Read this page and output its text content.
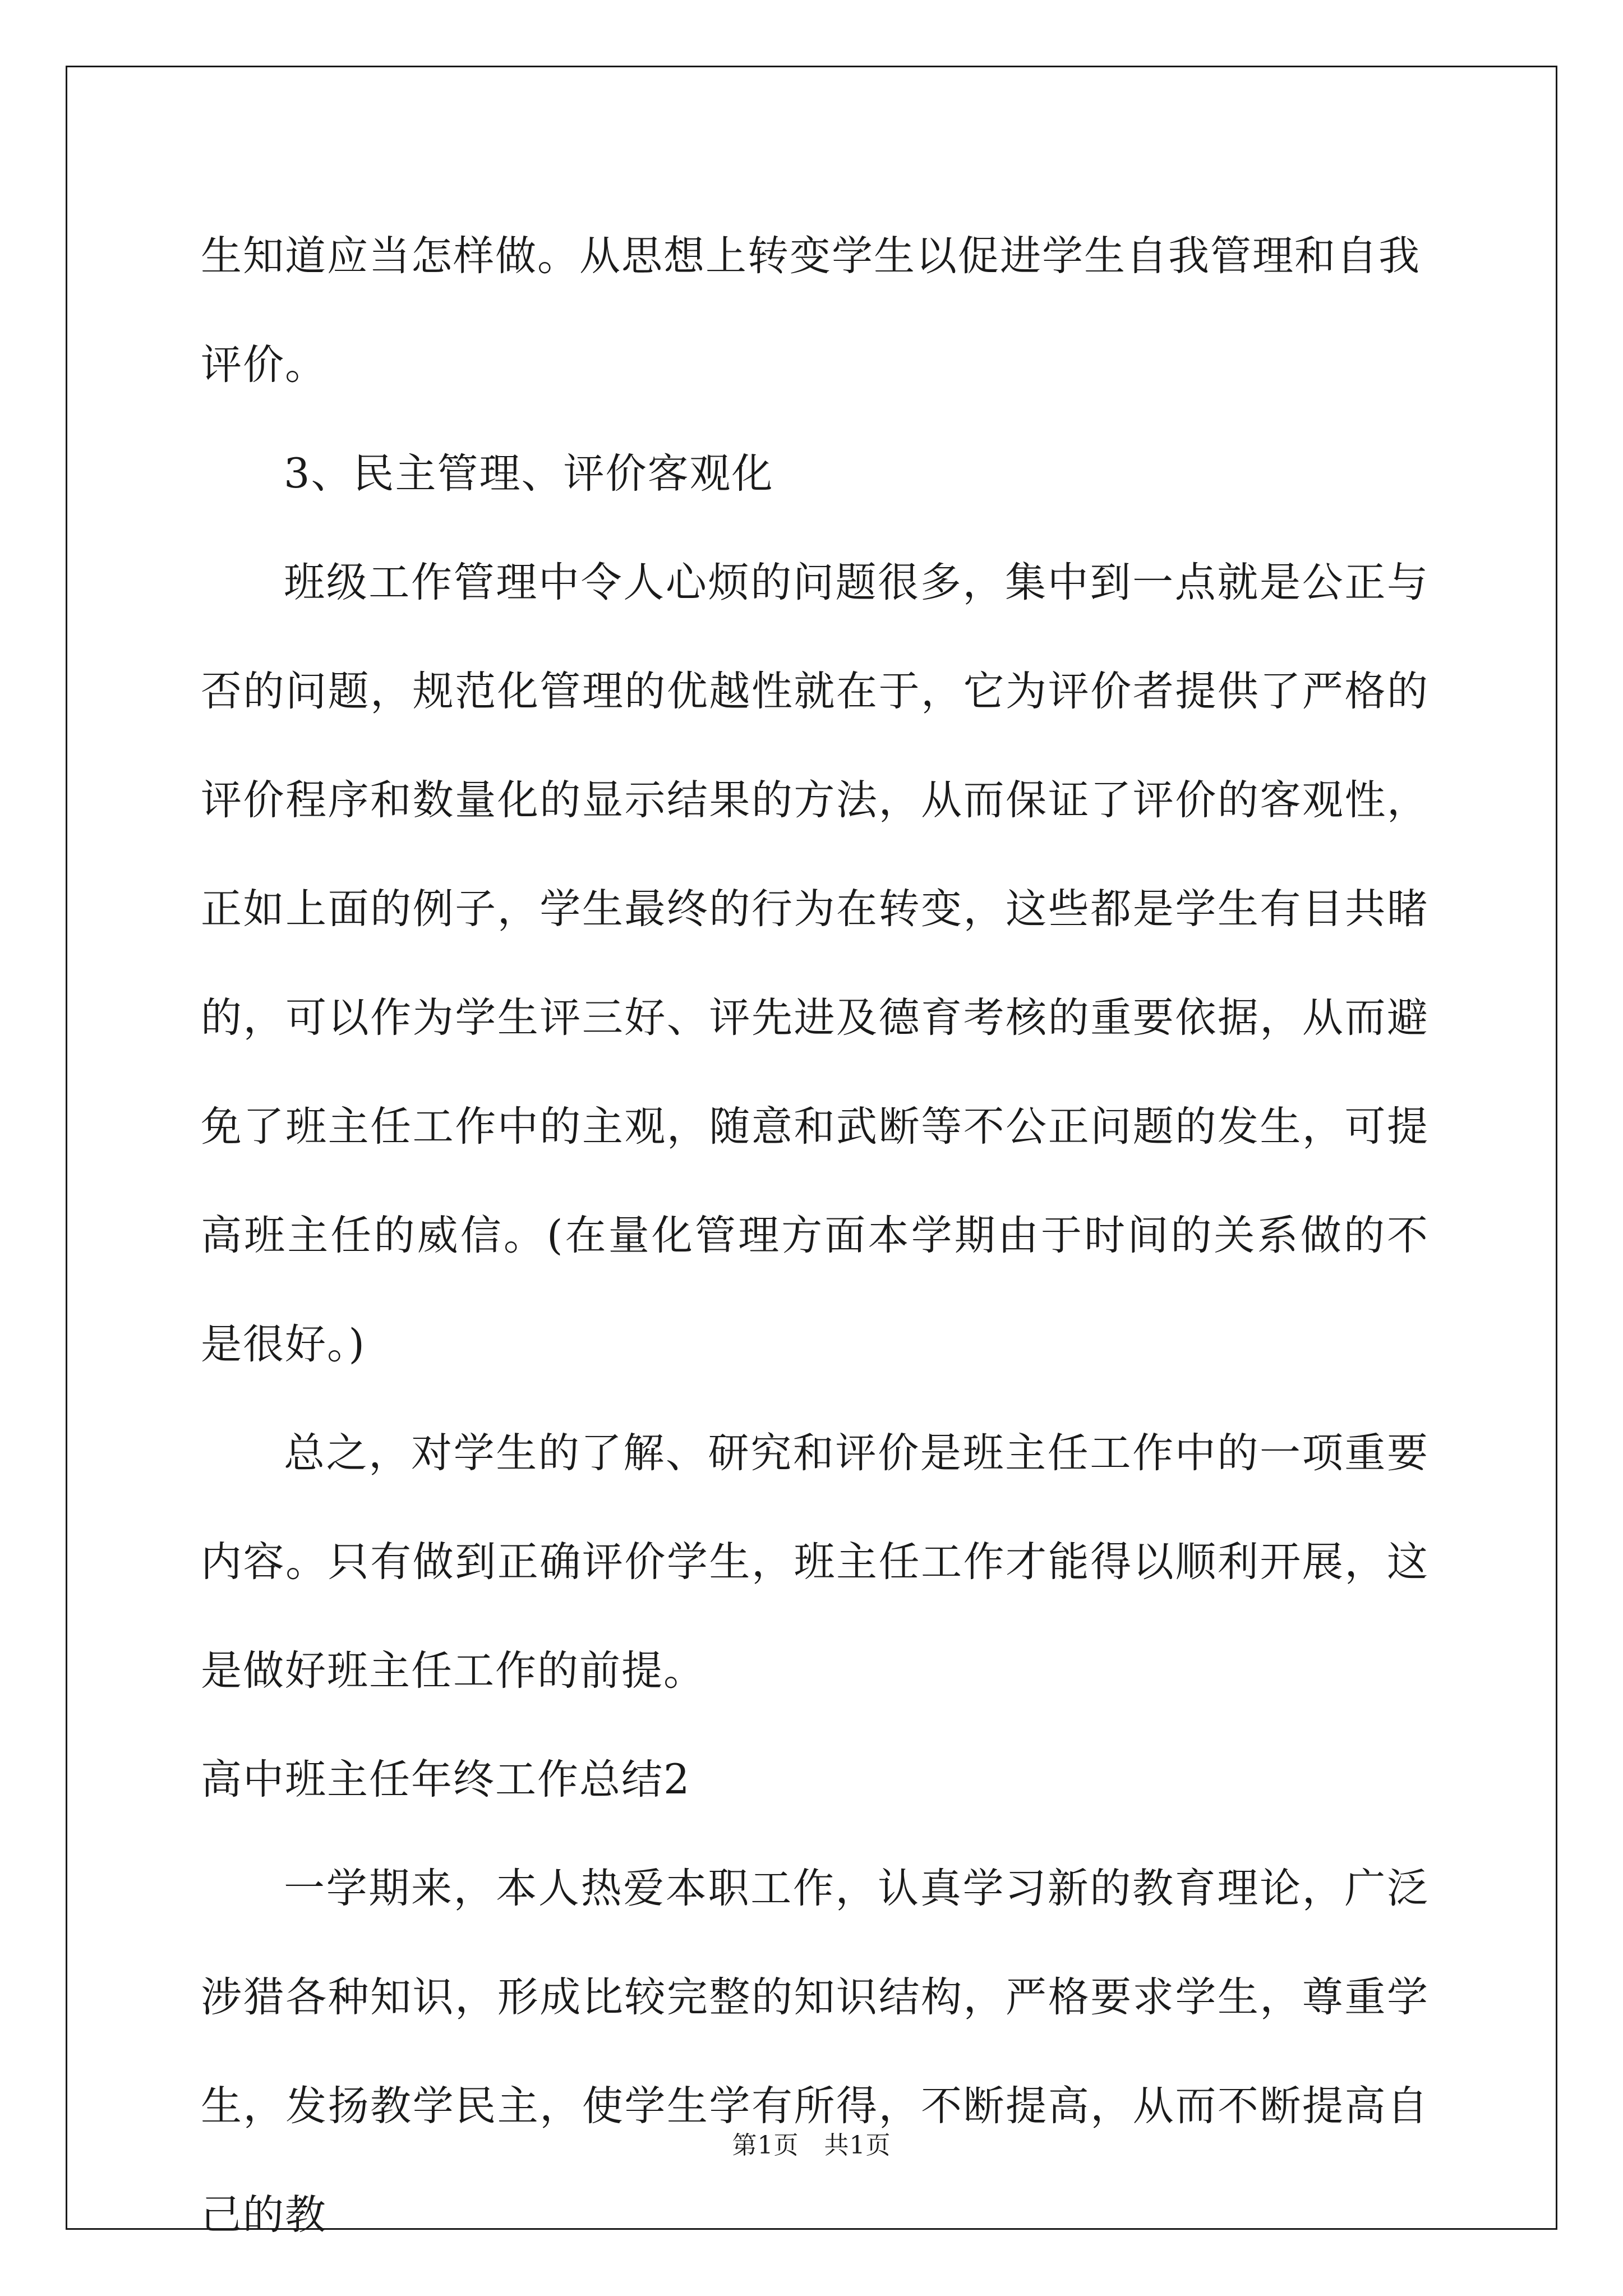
生知道应当怎样做。从思想上转变学生以促进学生自我管理和自我评价。

3、民主管理、评价客观化

班级工作管理中令人心烦的问题很多，集中到一点就是公正与否的问题，规范化管理的优越性就在于，它为评价者提供了严格的评价程序和数量化的显示结果的方法，从而保证了评价的客观性，正如上面的例子，学生最终的行为在转变，这些都是学生有目共睹的，可以作为学生评三好、评先进及德育考核的重要依据，从而避免了班主任工作中的主观，随意和武断等不公正问题的发生，可提高班主任的威信。(在量化管理方面本学期由于时间的关系做的不是很好。)

总之，对学生的了解、研究和评价是班主任工作中的一项重要内容。只有做到正确评价学生，班主任工作才能得以顺利开展，这是做好班主任工作的前提。

高中班主任年终工作总结2

一学期来，本人热爱本职工作，认真学习新的教育理论，广泛涉猎各种知识，形成比较完整的知识结构，严格要求学生，尊重学生，发扬教学民主，使学生学有所得，不断提高，从而不断提高自己的教

第1页   共1页
